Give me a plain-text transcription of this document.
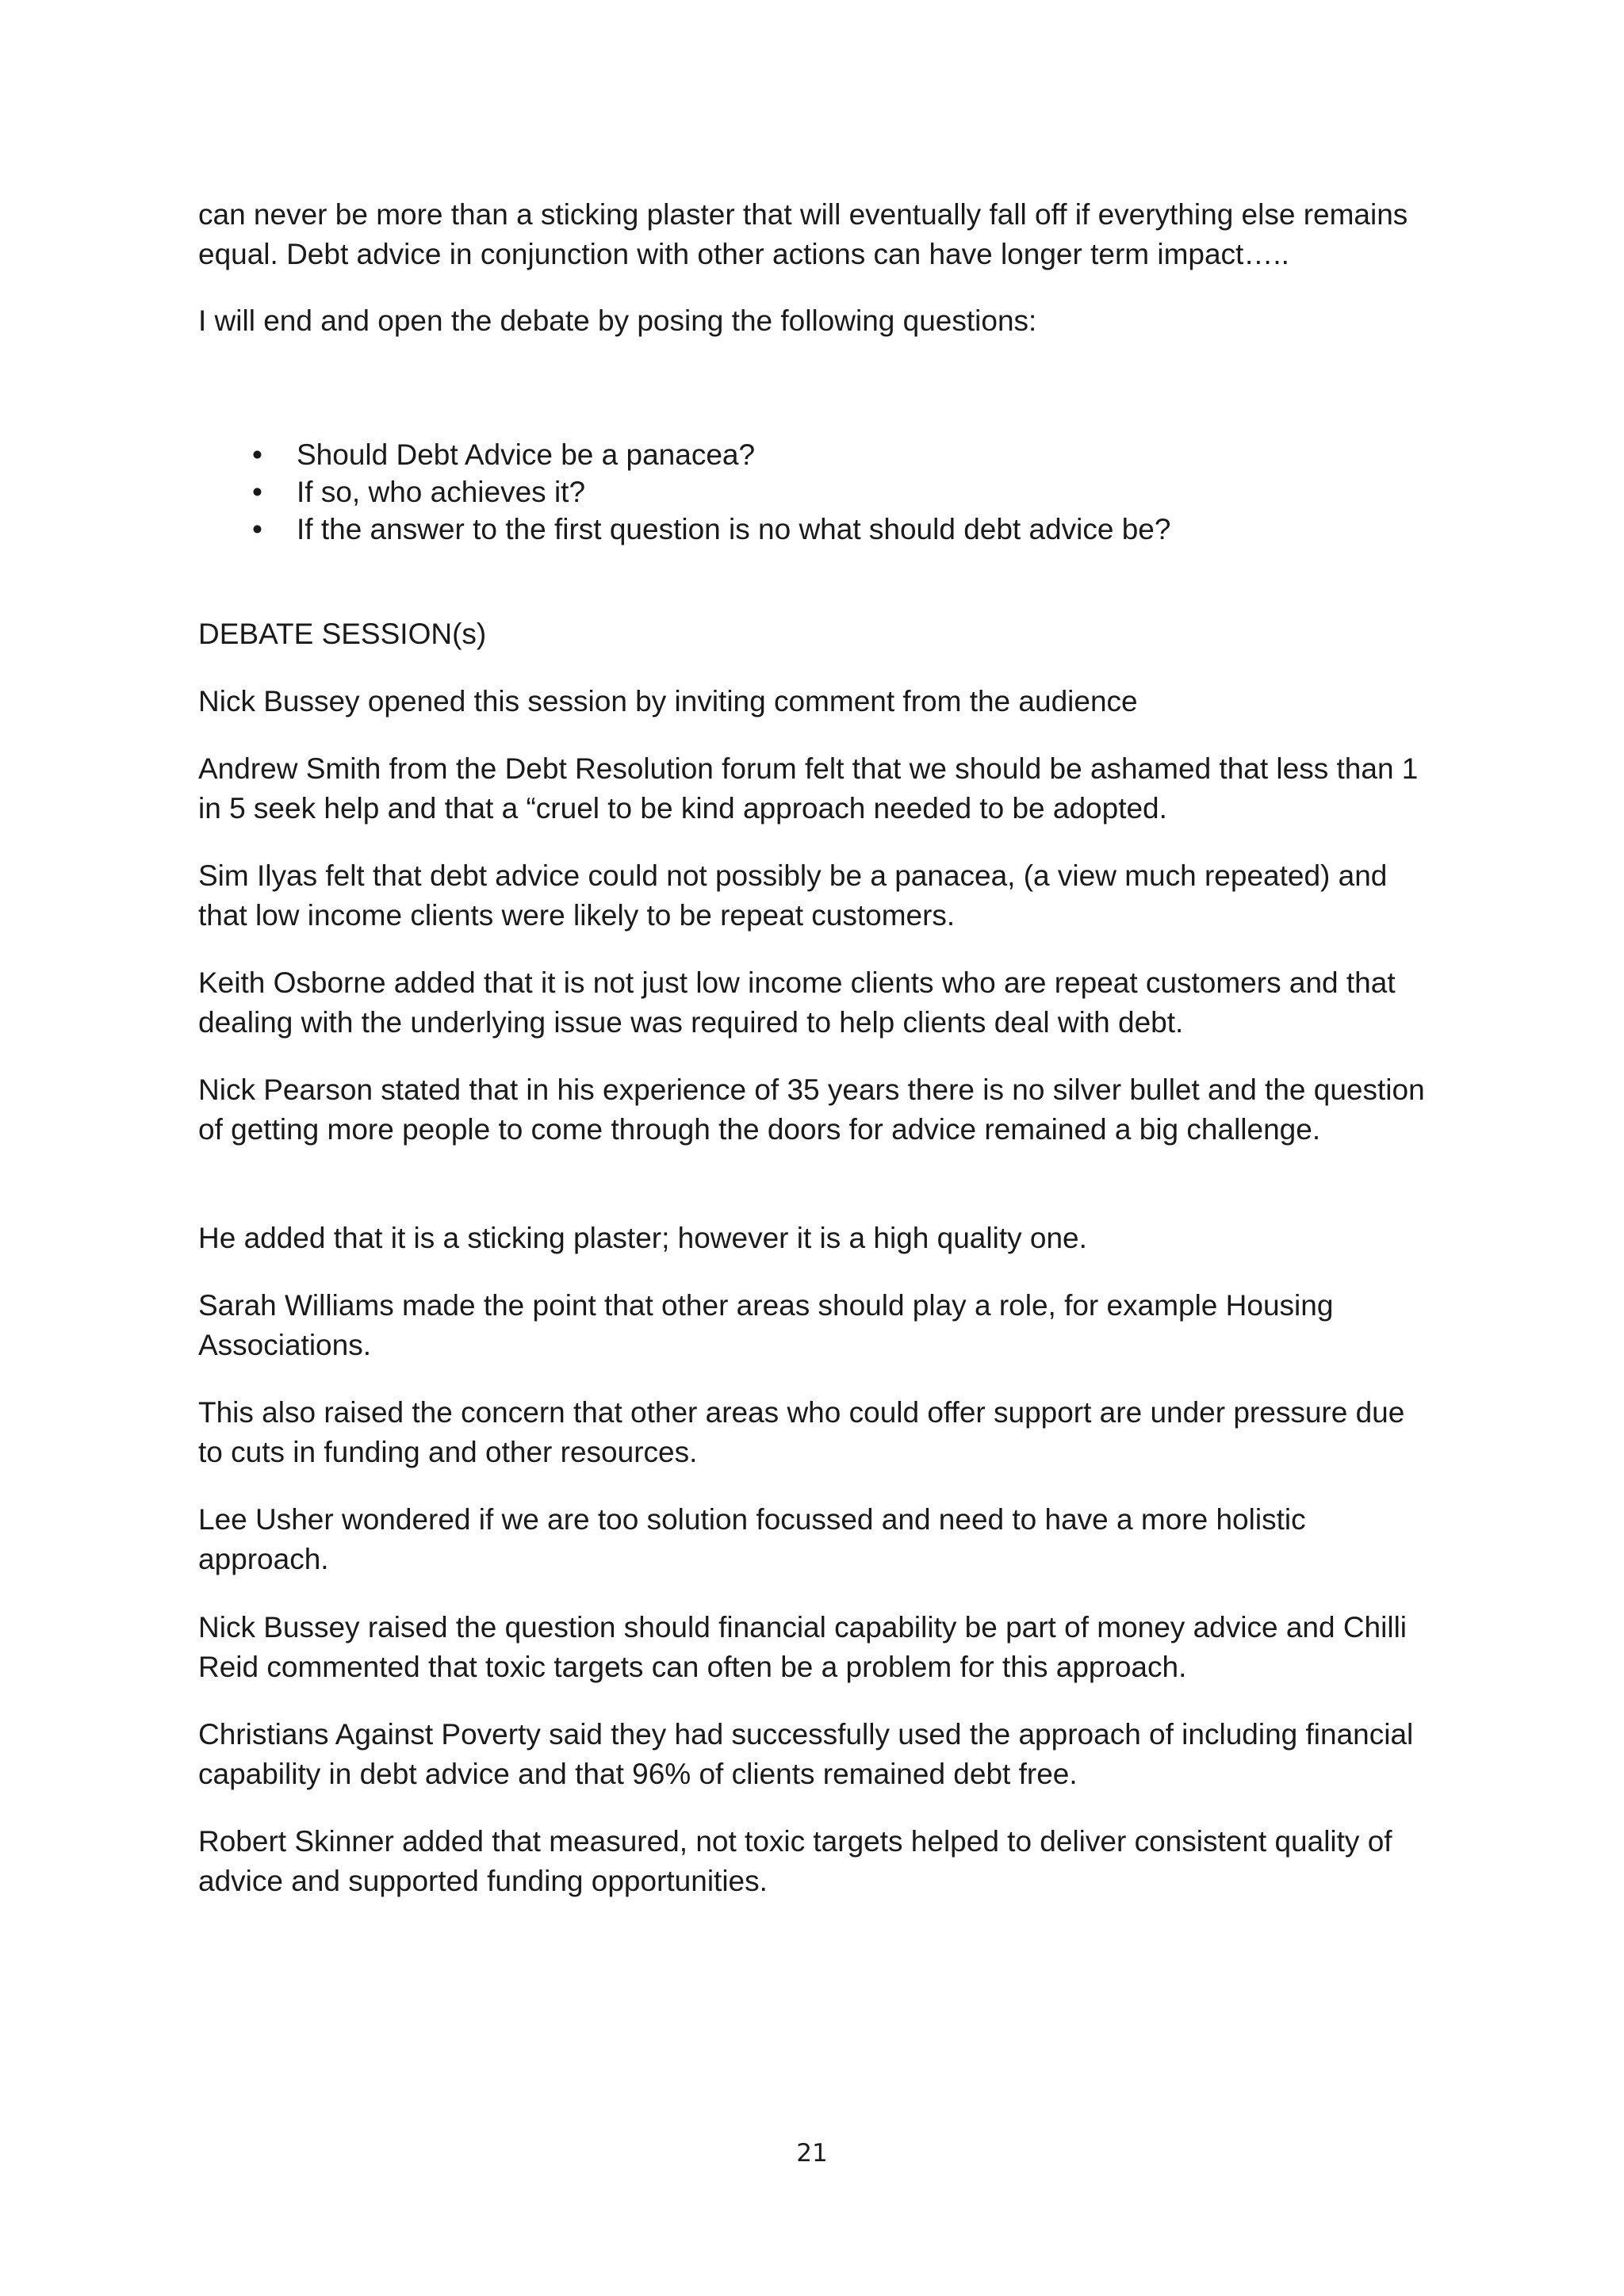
can never be more than a sticking plaster that will eventually fall off if everything else remains equal. Debt advice in conjunction with other actions can have longer term impact…..

I will end and open the debate by posing the following questions:

• Should Debt Advice be a panacea?
• If so, who achieves it?
• If the answer to the first question is no what should debt advice be?

DEBATE SESSION(s)

Nick Bussey opened this session by inviting comment from the audience

Andrew Smith from the Debt Resolution forum felt that we should be ashamed that less than 1 in 5 seek help and that a “cruel to be kind approach needed to be adopted.

Sim Ilyas felt that debt advice could not possibly be a panacea, (a view much repeated) and that low income clients were likely to be repeat customers.

Keith Osborne added that it is not just low income clients who are repeat customers and that dealing with the underlying issue was required to help clients deal with debt.

Nick Pearson stated that in his experience of 35 years there is no silver bullet and the question of getting more people to come through the doors for advice remained a big challenge.

He added that it is a sticking plaster; however it is a high quality one.

Sarah Williams made the point that other areas should play a role, for example Housing Associations.

This also raised the concern that other areas who could offer support are under pressure due to cuts in funding and other resources.

Lee Usher wondered if we are too solution focussed and need to have a more holistic approach.

Nick Bussey raised the question should financial capability be part of money advice and Chilli Reid commented that toxic targets can often be a problem for this approach.

Christians Against Poverty said they had successfully used the approach of including financial capability in debt advice and that 96% of clients remained debt free.

Robert Skinner added that measured, not toxic targets helped to deliver consistent quality of advice and supported funding opportunities.

21
